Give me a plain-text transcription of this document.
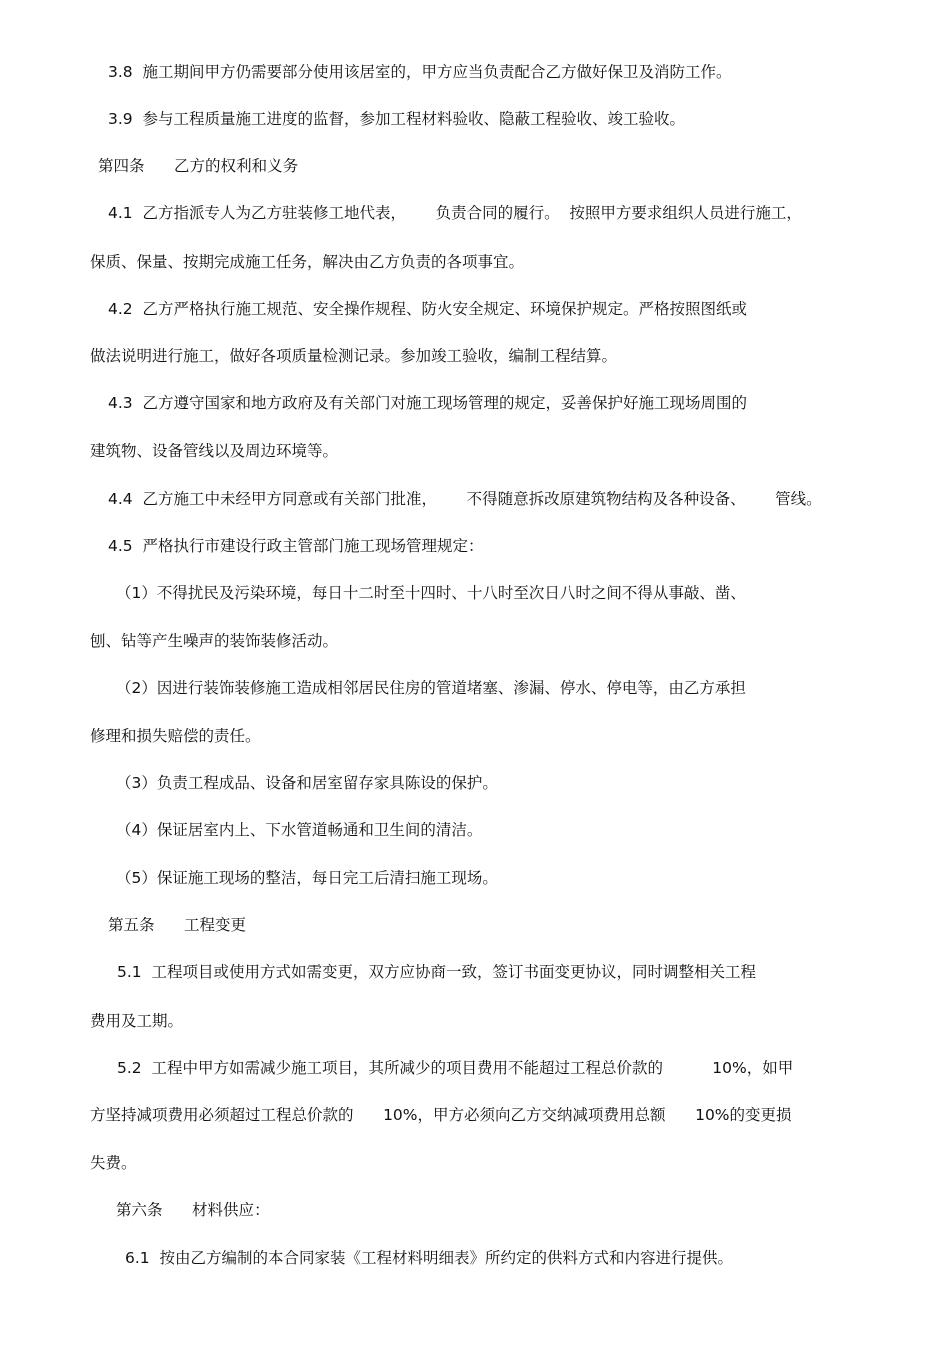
3.8  施工期间甲方仍需要部分使用该居室的，甲方应当负责配合乙方做好保卫及消防工作。
3.9  参与工程质量施工进度的监督，参加工程材料验收、隐蔽工程验收、竣工验收。
第四条      乙方的权利和义务
4.1  乙方指派专人为乙方驻装修工地代表，      负责合同的履行。  按照甲方要求组织人员进行施工，
保质、保量、按期完成施工任务，解决由乙方负责的各项事宜。
4.2  乙方严格执行施工规范、安全操作规程、防火安全规定、环境保护规定。严格按照图纸或
做法说明进行施工，做好各项质量检测记录。参加竣工验收，编制工程结算。
4.3  乙方遵守国家和地方政府及有关部门对施工现场管理的规定，妥善保护好施工现场周围的
建筑物、设备管线以及周边环境等。
4.4  乙方施工中未经甲方同意或有关部门批准，      不得随意拆改原建筑物结构及各种设备、      管线。
4.5  严格执行市建设行政主管部门施工现场管理规定：
（1）不得扰民及污染环境，每日十二时至十四时、十八时至次日八时之间不得从事敲、凿、
刨、钻等产生噪声的装饰装修活动。
（2）因进行装饰装修施工造成相邻居民住房的管道堵塞、渗漏、停水、停电等，由乙方承担
修理和损失赔偿的责任。
（3）负责工程成品、设备和居室留存家具陈设的保护。
（4）保证居室内上、下水管道畅通和卫生间的清洁。
（5）保证施工现场的整洁，每日完工后清扫施工现场。
第五条      工程变更
5.1  工程项目或使用方式如需变更，双方应协商一致，签订书面变更协议，同时调整相关工程
费用及工期。
5.2  工程中甲方如需减少施工项目，其所减少的项目费用不能超过工程总价款的          10%，如甲
方坚持减项费用必须超过工程总价款的      10%，甲方必须向乙方交纳减项费用总额      10%的变更损
失费。
第六条      材料供应：
6.1  按由乙方编制的本合同家装《工程材料明细表》所约定的供料方式和内容进行提供。
